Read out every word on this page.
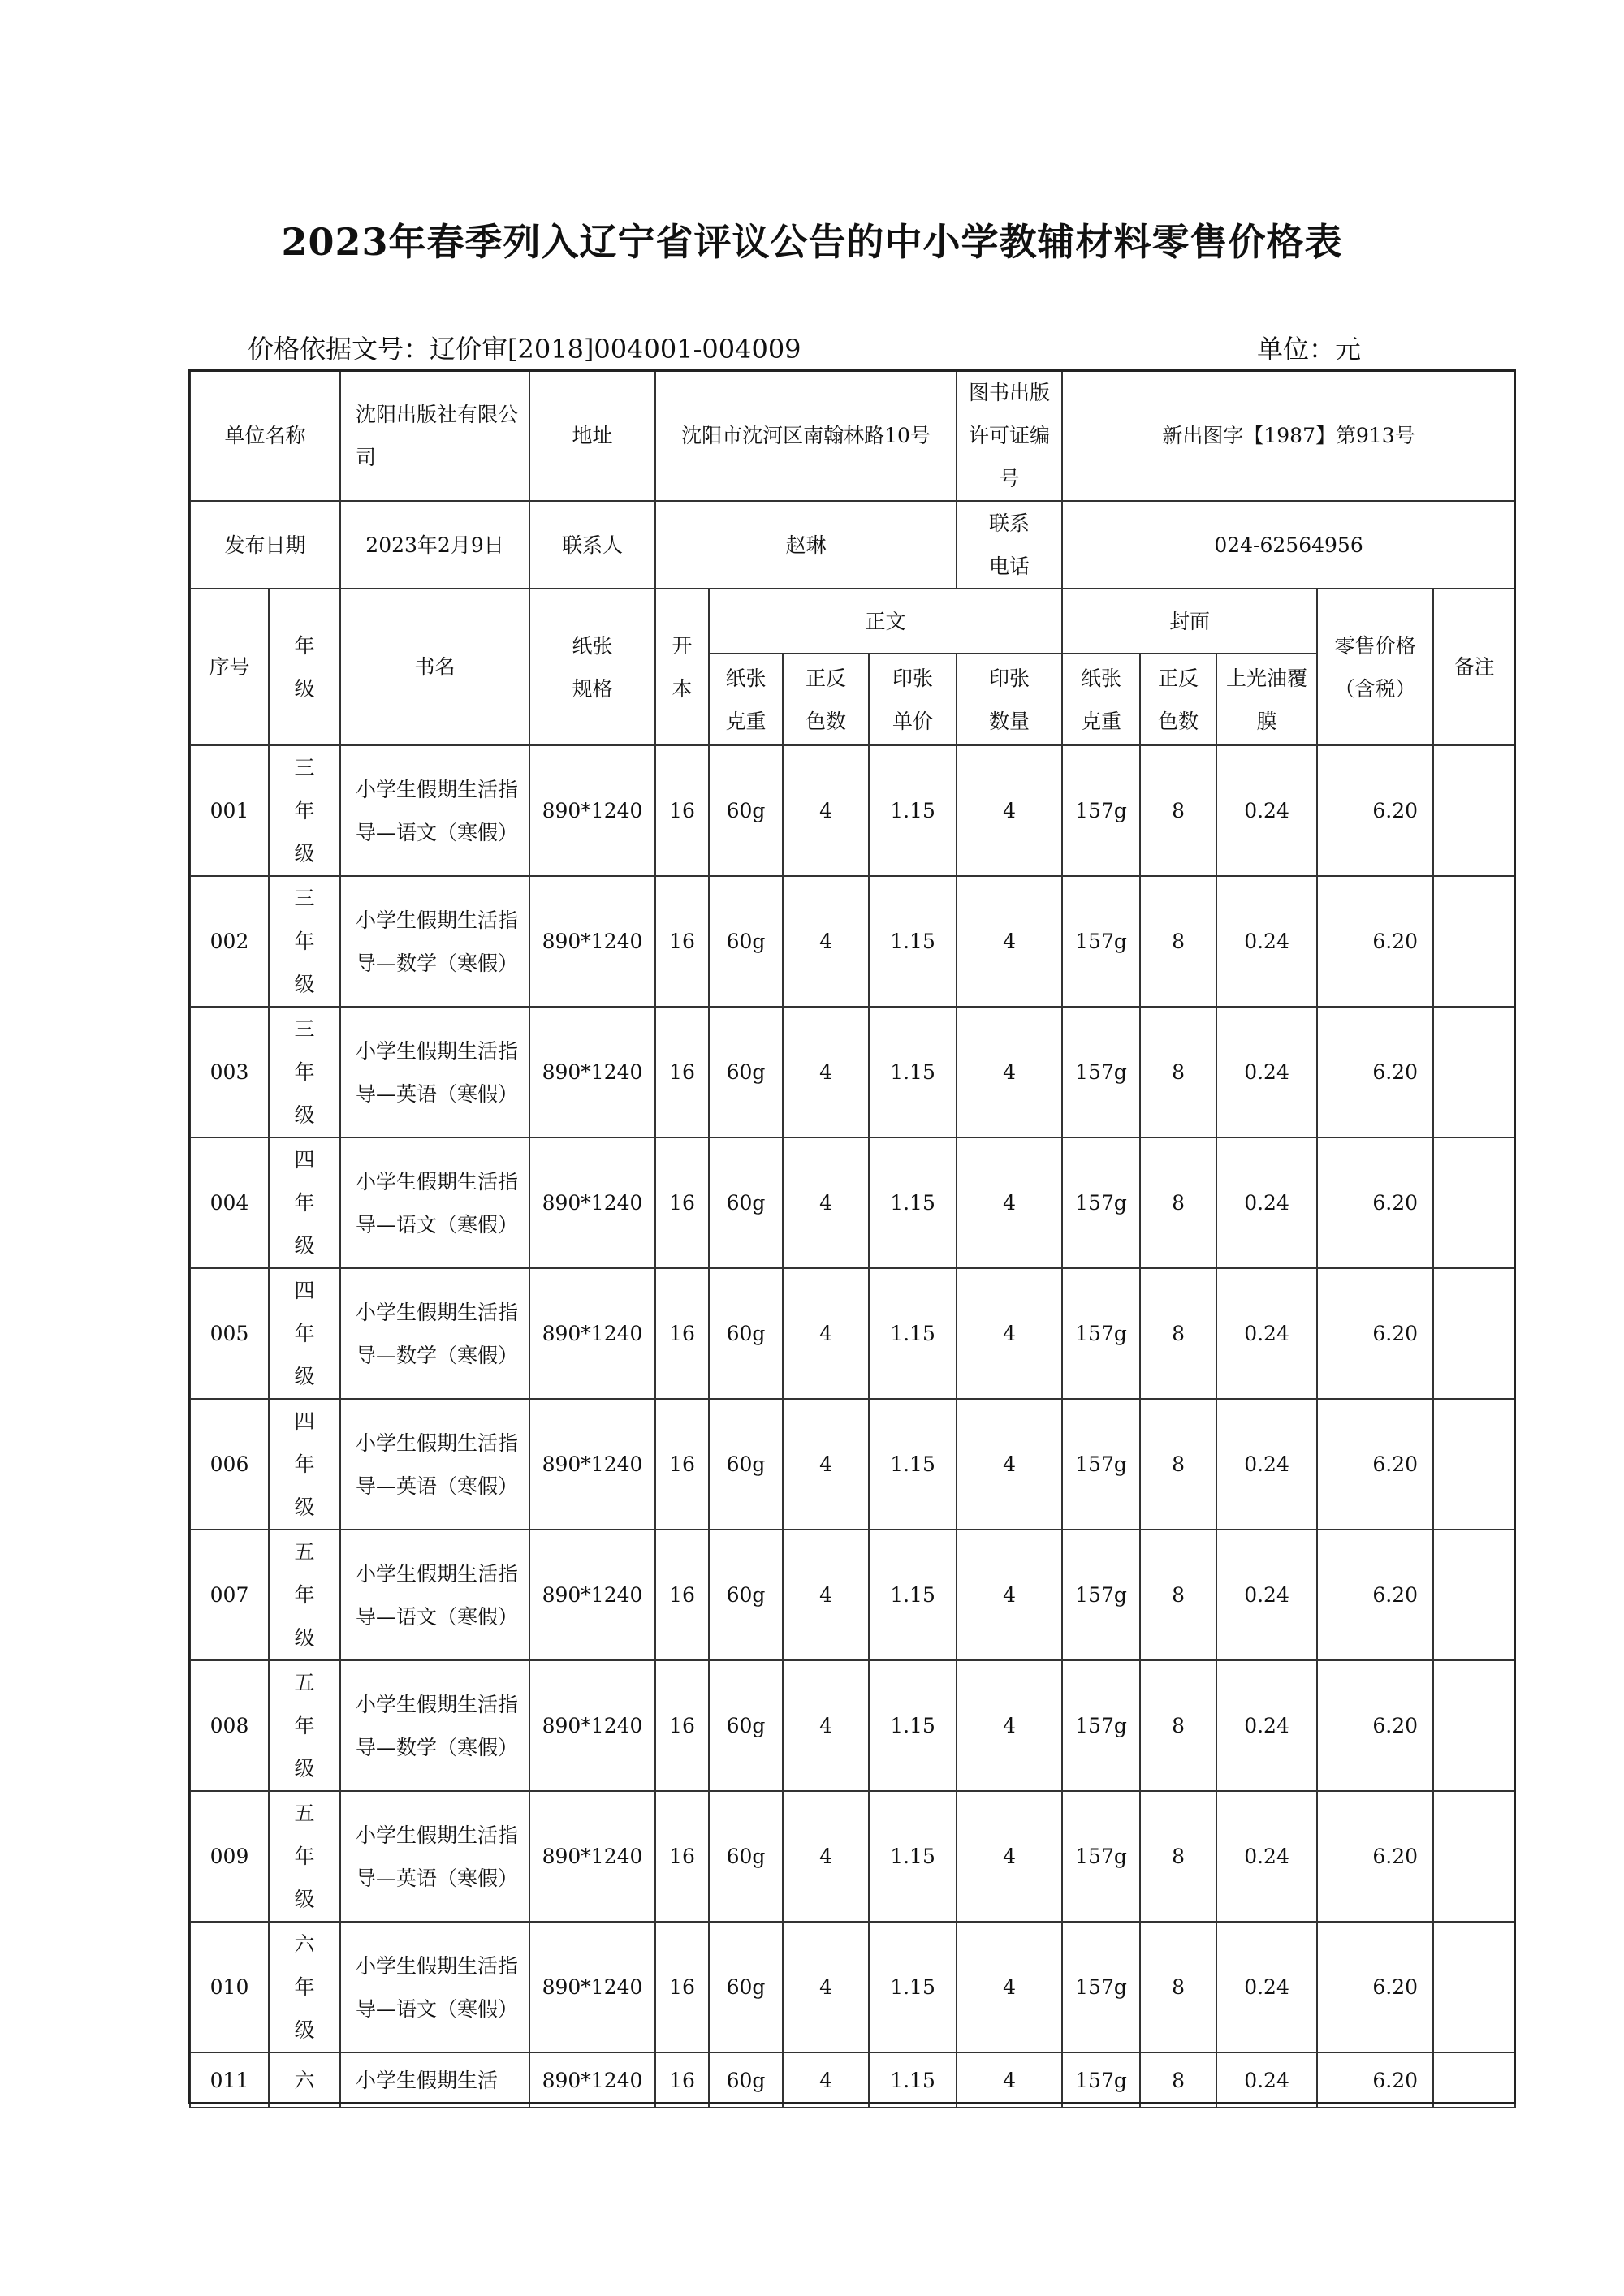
2023年春季列入辽宁省评议公告的中小学教辅材料零售价格表
价格依据文号：辽价审[2018]004001-004009	单位：元
单位名称		沈阳出版社有限公司	地址	沈阳市沈河区南翰林路10号				图书出版许可证编号	新出图字【1987】第913号				
发布日期		2023年2月9日	联系人	赵琳				联系电话	024-62564956				
序号	年级	书名	纸张规格	开本	正文				封面			零售价格（含税）	备注
					纸张克重	正反色数	印张单价	印张数量	纸张克重	正反色数	上光油覆膜		
001	三年级	小学生假期生活指导—语文（寒假）	890*1240	16	60g	4	1.15	4	157g	8	0.24	6.20	
002	三年级	小学生假期生活指导—数学（寒假）	890*1240	16	60g	4	1.15	4	157g	8	0.24	6.20	
003	三年级	小学生假期生活指导—英语（寒假）	890*1240	16	60g	4	1.15	4	157g	8	0.24	6.20	
004	四年级	小学生假期生活指导—语文（寒假）	890*1240	16	60g	4	1.15	4	157g	8	0.24	6.20	
005	四年级	小学生假期生活指导—数学（寒假）	890*1240	16	60g	4	1.15	4	157g	8	0.24	6.20	
006	四年级	小学生假期生活指导—英语（寒假）	890*1240	16	60g	4	1.15	4	157g	8	0.24	6.20	
007	五年级	小学生假期生活指导—语文（寒假）	890*1240	16	60g	4	1.15	4	157g	8	0.24	6.20	
008	五年级	小学生假期生活指导—数学（寒假）	890*1240	16	60g	4	1.15	4	157g	8	0.24	6.20	
009	五年级	小学生假期生活指导—英语（寒假）	890*1240	16	60g	4	1.15	4	157g	8	0.24	6.20	
010	六年级	小学生假期生活指导—语文（寒假）	890*1240	16	60g	4	1.15	4	157g	8	0.24	6.20	
011	六	小学生假期生活	890*1240	16	60g	4	1.15	4	157g	8	0.24	6.20	
